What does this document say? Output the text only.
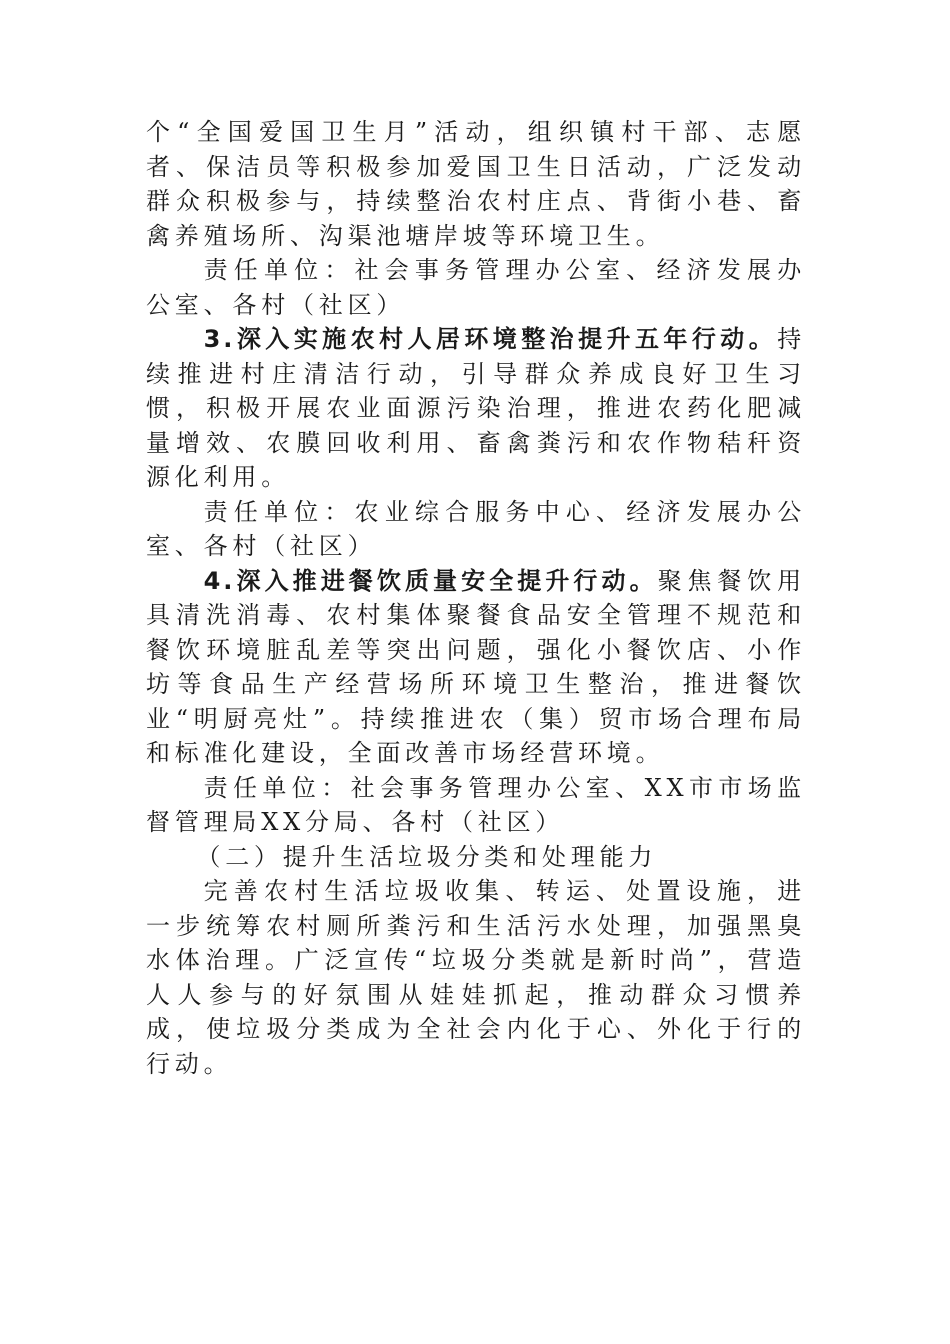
个“全国爱国卫生月”活动，组织镇村干部、志愿者、保洁员等积极参加爱国卫生日活动，广泛发动群众积极参与，持续整治农村庄点、背街小巷、畜禽养殖场所、沟渠池塘岸坡等环境卫生。

责任单位：社会事务管理办公室、经济发展办公室、各村（社区）

3.深入实施农村人居环境整治提升五年行动。持续推进村庄清洁行动，引导群众养成良好卫生习惯，积极开展农业面源污染治理，推进农药化肥减量增效、农膜回收利用、畜禽粪污和农作物秸秆资源化利用。

责任单位：农业综合服务中心、经济发展办公室、各村（社区）

4.深入推进餐饮质量安全提升行动。聚焦餐饮用具清洗消毒、农村集体聚餐食品安全管理不规范和餐饮环境脏乱差等突出问题，强化小餐饮店、小作坊等食品生产经营场所环境卫生整治，推进餐饮业“明厨亮灶”。持续推进农（集）贸市场合理布局和标准化建设，全面改善市场经营环境。

责任单位：社会事务管理办公室、XX市市场监督管理局XX分局、各村（社区）

（二）提升生活垃圾分类和处理能力

完善农村生活垃圾收集、转运、处置设施，进一步统筹农村厕所粪污和生活污水处理，加强黑臭水体治理。广泛宣传“垃圾分类就是新时尚”，营造人人参与的好氛围从娃娃抓起，推动群众习惯养成，使垃圾分类成为全社会内化于心、外化于行的行动。
